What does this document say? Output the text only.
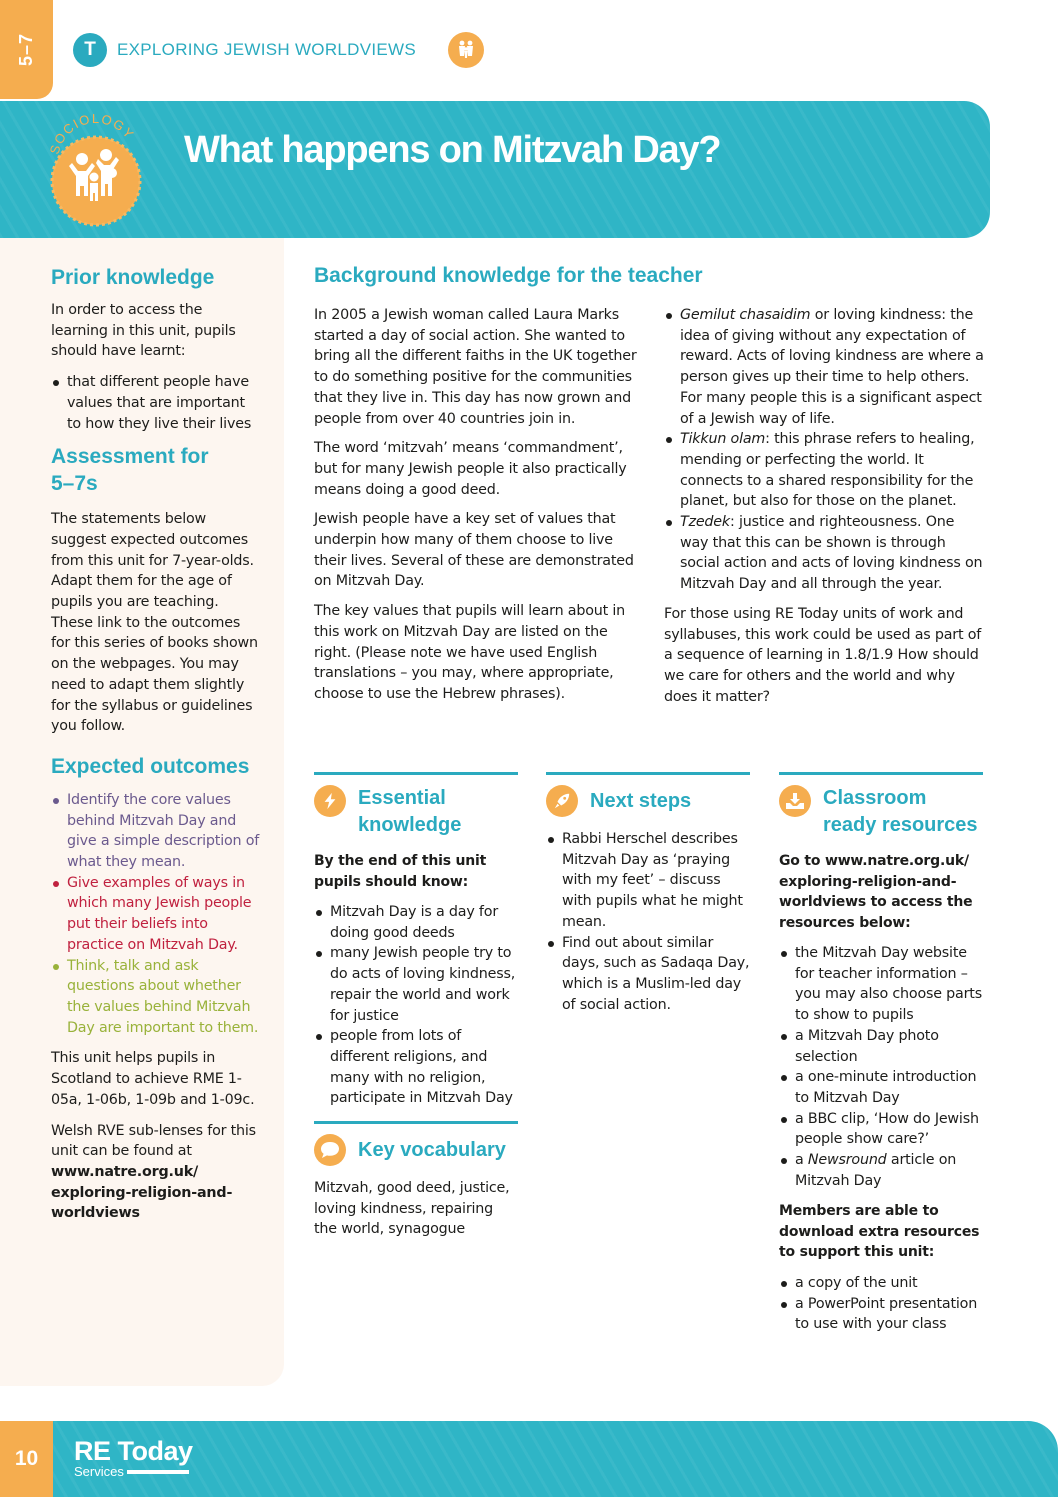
5–7	T	EXPLORING JEWISH WORLDVIEWS
SOCIOLOGY What happens on Mitzvah Day?
Prior knowledge

In order to access the learning in this unit, pupils should have learnt:

that different people have values that are important to how they live their lives
Assessment for 5–7s

The statements below suggest expected outcomes from this unit for 7-year-olds. Adapt them for the age of pupils you are teaching. These link to the outcomes for this series of books shown on the webpages. You may need to adapt them slightly for the syllabus or guidelines you follow.

Expected outcomes
Identify the core values behind Mitzvah Day and give a simple description of what they mean.
Give examples of ways in which many Jewish people put their beliefs into practice on Mitzvah Day.
Think, talk and ask questions about whether the values behind Mitzvah Day are important to them.

This unit helps pupils in Scotland to achieve RME 1-05a, 1-06b, 1-09b and 1-09c.

Welsh RVE sub-lenses for this unit can be found at www.natre.org.uk/ exploring-religion-and-worldviews

Background knowledge for the teacher

In 2005 a Jewish woman called Laura Marks started a day of social action. She wanted to bring all the different faiths in the UK together to do something positive for the communities that they live in. This day has now grown and people from over 40 countries join in.

The word ‘mitzvah’ means ‘commandment’, but for many Jewish people it also practically means doing a good deed.

Jewish people have a key set of values that underpin how many of them choose to live their lives. Several of these are demonstrated on Mitzvah Day.

The key values that pupils will learn about in this work on Mitzvah Day are listed on the right. (Please note we have used English translations – you may, where appropriate, choose to use the Hebrew phrases).

Gemilut chasaidim or loving kindness: the idea of giving without any expectation of reward. Acts of loving kindness are where a person gives up their time to help others. For many people this is a significant aspect of a Jewish way of life.
Tikkun olam: this phrase refers to healing, mending or perfecting the world. It connects to a shared responsibility for the planet, but also for those on the planet.
Tzedek: justice and righteousness. One way that this can be shown is through social action and acts of loving kindness on Mitzvah Day and all through the year.

For those using RE Today units of work and syllabuses, this work could be used as part of a sequence of learning in 1.8/1.9 How should we care for others and the world and why does it matter?

Essential knowledge

By the end of this unit pupils should know:

Mitzvah Day is a day for doing good deeds
many Jewish people try to do acts of loving kindness, repair the world and work for justice
people from lots of different religions, and many with no religion, participate in Mitzvah Day
Key vocabulary

Mitzvah, good deed, justice, loving kindness, repairing the world, synagogue

Next steps
Rabbi Herschel describes Mitzvah Day as ‘praying with my feet’ – discuss with pupils what he might mean.
Find out about similar days, such as Sadaqa Day, which is a Muslim-led day of social action.
Classroom ready resources

Go to www.natre.org.uk/ exploring-religion-and-worldviews to access the resources below:

the Mitzvah Day website for teacher information – you may also choose parts to show to pupils
a Mitzvah Day photo selection
a one-minute introduction to Mitzvah Day
a BBC clip, ‘How do Jewish people show care?’
a Newsround article on Mitzvah Day

Members are able to download extra resources to support this unit:

a copy of the unit
a PowerPoint presentation to use with your class
10	RE Today
Services
